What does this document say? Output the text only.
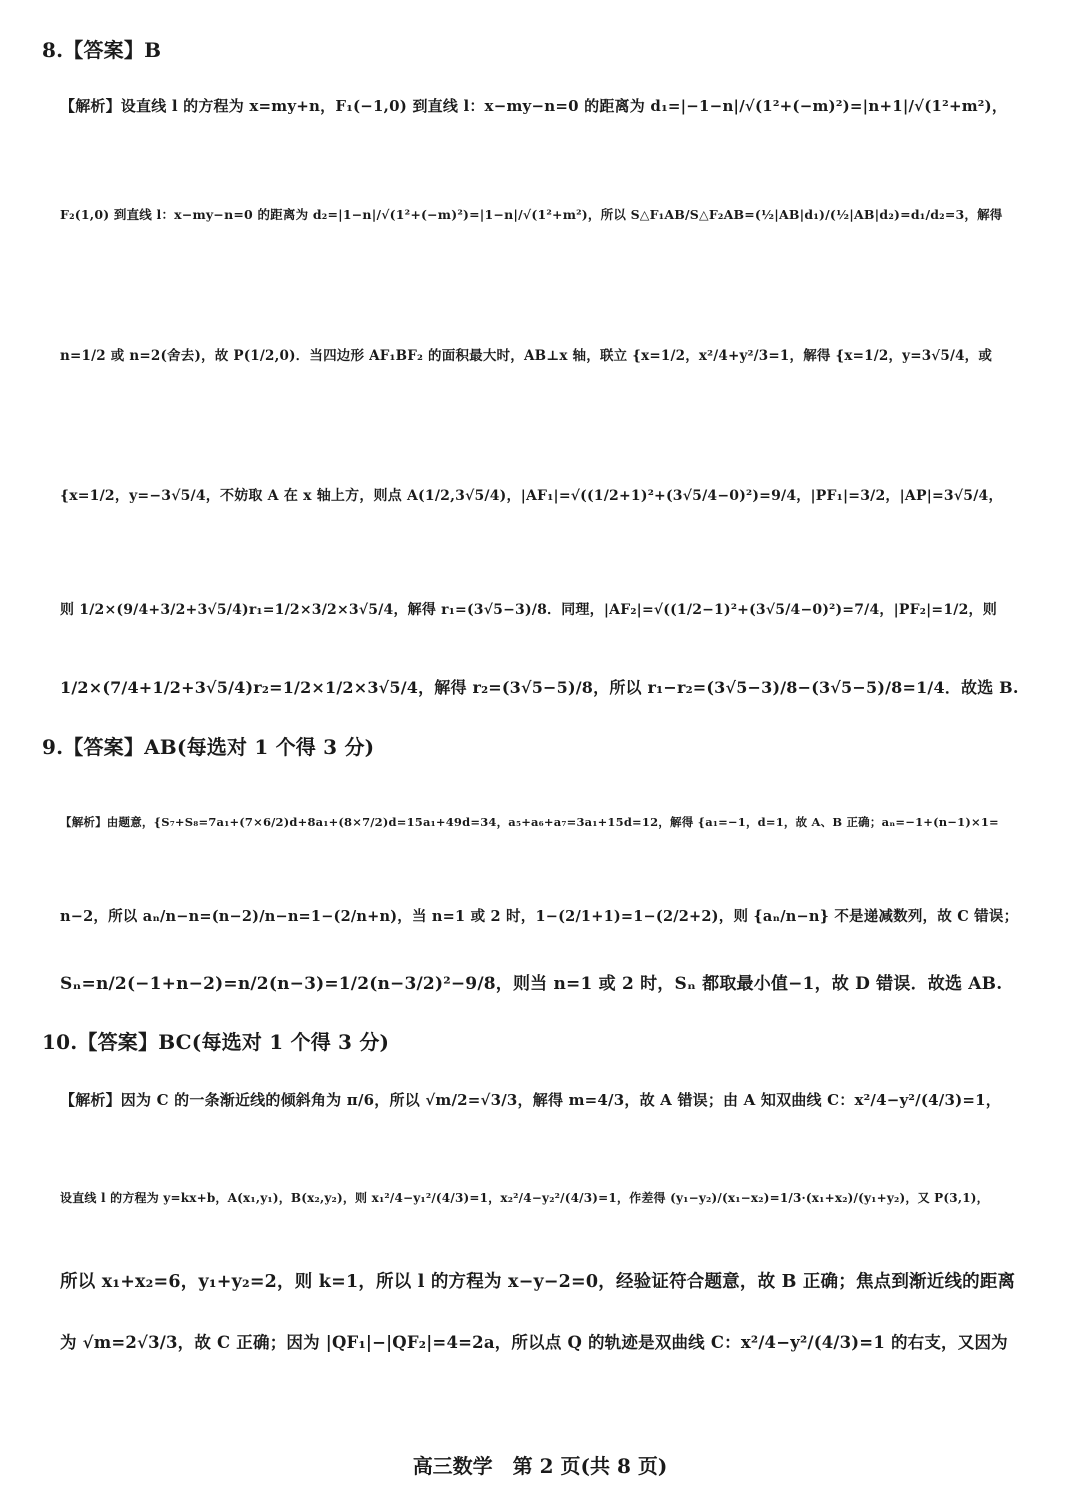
8.【答案】B
【解析】设直线 l 的方程为 x=my+n，F₁(−1,0) 到直线 l：x−my−n=0 的距离为 d₁=|−1−n|/√(1²+(−m)²)=|n+1|/√(1²+m²)，
F₂(1,0) 到直线 l：x−my−n=0 的距离为 d₂=|1−n|/√(1²+(−m)²)=|1−n|/√(1²+m²)，所以 S△F₁AB/S△F₂AB=(½|AB|d₁)/(½|AB|d₂)=d₁/d₂=3，解得
n=1/2 或 n=2(舍去)，故 P(1/2,0)．当四边形 AF₁BF₂ 的面积最大时，AB⊥x 轴，联立 {x=1/2，x²/4+y²/3=1，解得 {x=1/2，y=3√5/4，或
{x=1/2，y=−3√5/4，不妨取 A 在 x 轴上方，则点 A(1/2,3√5/4)，|AF₁|=√((1/2+1)²+(3√5/4−0)²)=9/4，|PF₁|=3/2，|AP|=3√5/4，
则 1/2×(9/4+3/2+3√5/4)r₁=1/2×3/2×3√5/4，解得 r₁=(3√5−3)/8．同理，|AF₂|=√((1/2−1)²+(3√5/4−0)²)=7/4，|PF₂|=1/2，则
1/2×(7/4+1/2+3√5/4)r₂=1/2×1/2×3√5/4，解得 r₂=(3√5−5)/8，所以 r₁−r₂=(3√5−3)/8−(3√5−5)/8=1/4．故选 B.
9.【答案】AB(每选对 1 个得 3 分)
【解析】由题意，{S₇+S₈=7a₁+(7×6/2)d+8a₁+(8×7/2)d=15a₁+49d=34，a₅+a₆+a₇=3a₁+15d=12，解得 {a₁=−1，d=1，故 A、B 正确；aₙ=−1+(n−1)×1=
n−2，所以 aₙ/n−n=(n−2)/n−n=1−(2/n+n)，当 n=1 或 2 时，1−(2/1+1)=1−(2/2+2)，则 {aₙ/n−n} 不是递减数列，故 C 错误；
Sₙ=n/2(−1+n−2)=n/2(n−3)=1/2(n−3/2)²−9/8，则当 n=1 或 2 时，Sₙ 都取最小值−1，故 D 错误．故选 AB.
10.【答案】BC(每选对 1 个得 3 分)
【解析】因为 C 的一条渐近线的倾斜角为 π/6，所以 √m/2=√3/3，解得 m=4/3，故 A 错误；由 A 知双曲线 C：x²/4−y²/(4/3)=1，
设直线 l 的方程为 y=kx+b，A(x₁,y₁)，B(x₂,y₂)，则 x₁²/4−y₁²/(4/3)=1，x₂²/4−y₂²/(4/3)=1，作差得 (y₁−y₂)/(x₁−x₂)=1/3·(x₁+x₂)/(y₁+y₂)，又 P(3,1)，
所以 x₁+x₂=6，y₁+y₂=2，则 k=1，所以 l 的方程为 x−y−2=0，经验证符合题意，故 B 正确；焦点到渐近线的距离
为 √m=2√3/3，故 C 正确；因为 |QF₁|−|QF₂|=4=2a，所以点 Q 的轨迹是双曲线 C：x²/4−y²/(4/3)=1 的右支，又因为
高三数学　第 2 页(共 8 页)
